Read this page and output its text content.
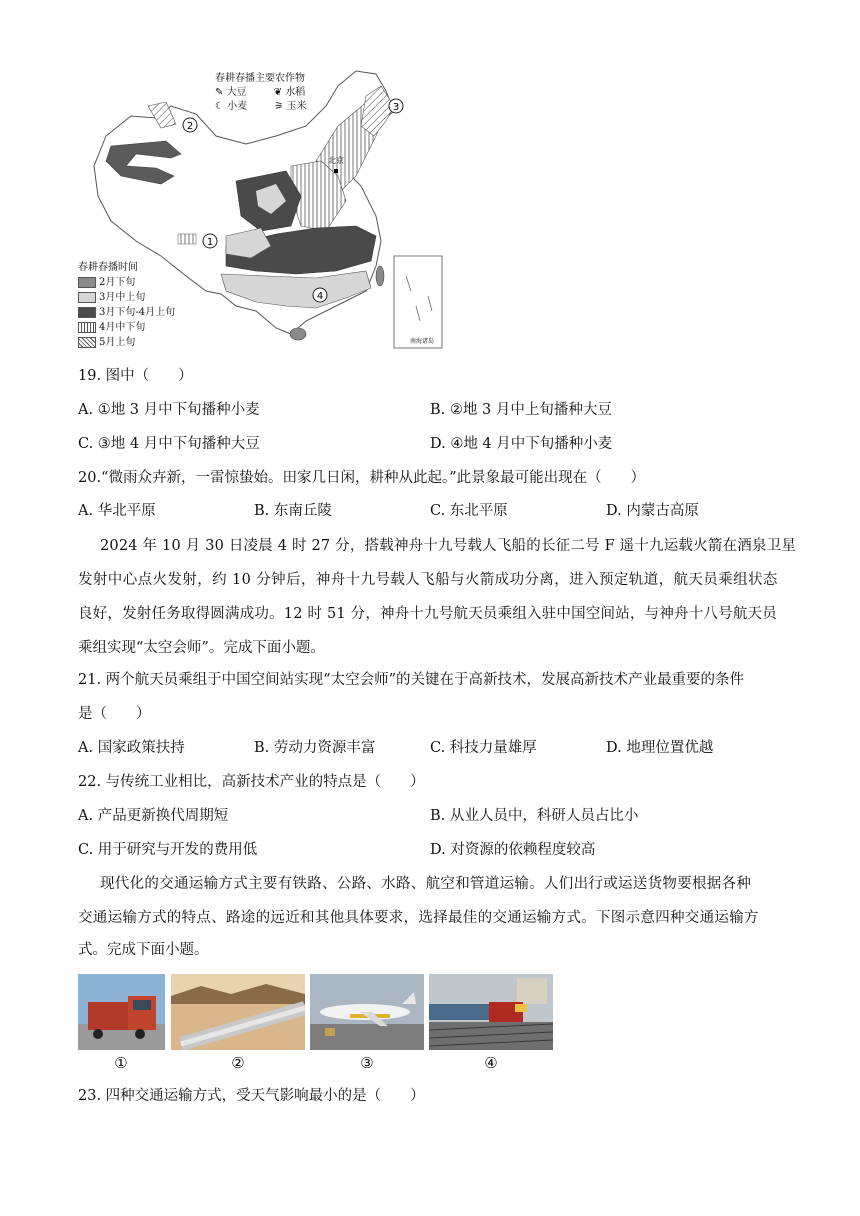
1
2
3
4
春耕春播主要农作物
✎ 大豆	❦ 水稻
☾ 小麦	⚞ 玉米
北京
南海诸岛
春耕春播时间
2月下旬
3月中上旬
3月下旬-4月上旬
4月中下旬
5月上旬
19. 图中（　　）
A. ①地 3 月中下旬播种小麦	B. ②地 3 月中上旬播种大豆
C. ③地 4 月中下旬播种大豆	D. ④地 4 月中下旬播种小麦
20.“微雨众卉新，一雷惊蛰始。田家几日闲，耕种从此起。”此景象最可能出现在（　　）
A. 华北平原	B. 东南丘陵	C. 东北平原	D. 内蒙古高原
2024 年 10 月 30 日凌晨 4 时 27 分，搭载神舟十九号载人飞船的长征二号 F 遥十九运载火箭在酒泉卫星
发射中心点火发射，约 10 分钟后，神舟十九号载人飞船与火箭成功分离，进入预定轨道，航天员乘组状态
良好，发射任务取得圆满成功。12 时 51 分，神舟十九号航天员乘组入驻中国空间站，与神舟十八号航天员
乘组实现“太空会师”。完成下面小题。
21. 两个航天员乘组于中国空间站实现“太空会师”的关键在于高新技术，发展高新技术产业最重要的条件
是（　　）
A. 国家政策扶持	B. 劳动力资源丰富	C. 科技力量雄厚	D. 地理位置优越
22. 与传统工业相比，高新技术产业的特点是（　　）
A. 产品更新换代周期短	B. 从业人员中，科研人员占比小
C. 用于研究与开发的费用低	D. 对资源的依赖程度较高
现代化的交通运输方式主要有铁路、公路、水路、航空和管道运输。人们出行或运送货物要根据各种
交通运输方式的特点、路途的远近和其他具体要求，选择最佳的交通运输方式。下图示意四种交通运输方
式。完成下面小题。
①	②	③	④
23. 四种交通运输方式，受天气影响最小的是（　　）
